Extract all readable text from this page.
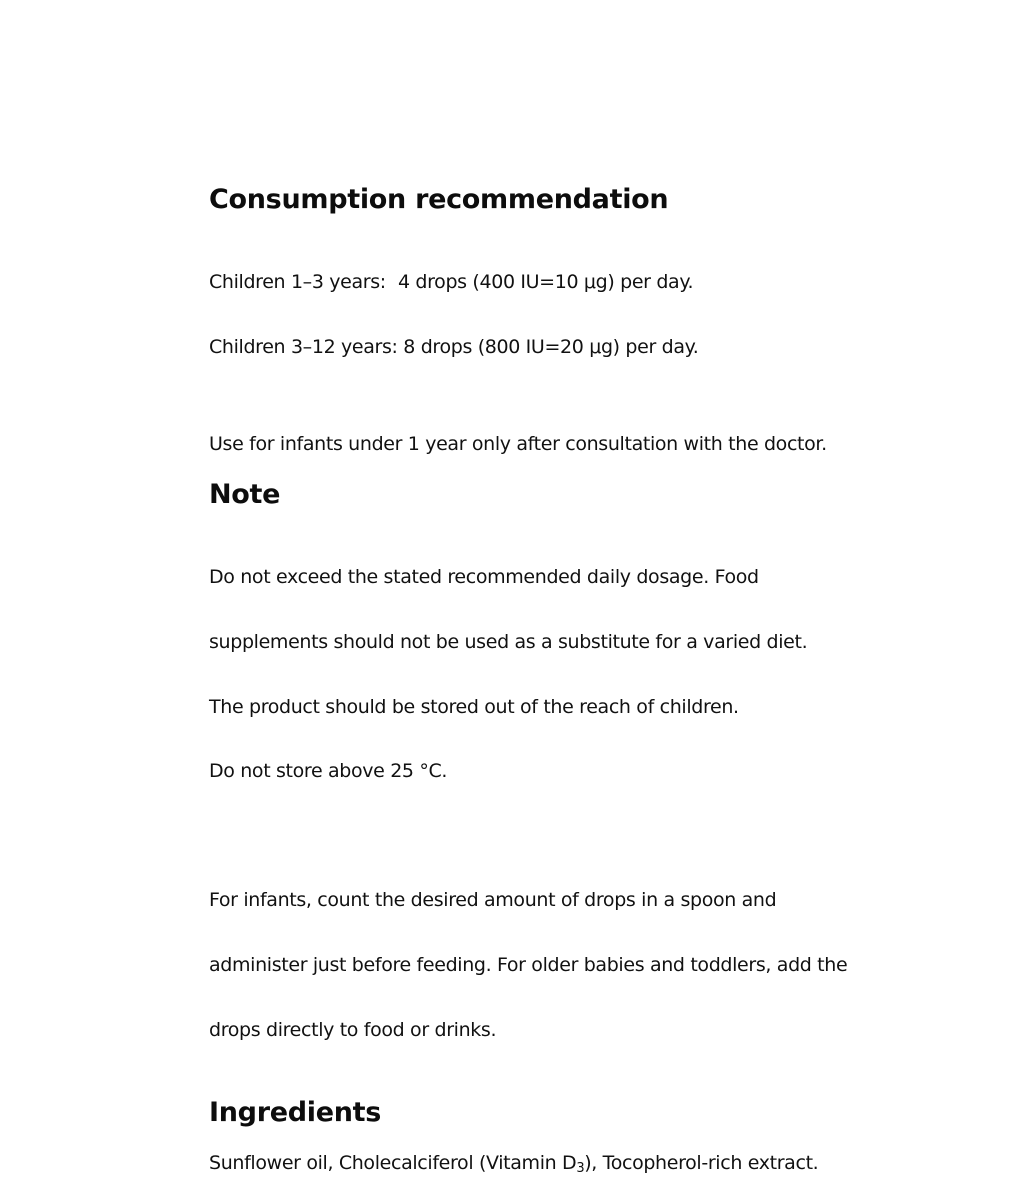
Consumption recommendation

Children 1–3 years: 4 drops (400 IU=10 μg) per day.

Children 3–12 years: 8 drops (800 IU=20 μg) per day.

Use for infants under 1 year only after consultation with the doctor.

Note

Do not exceed the stated recommended daily dosage. Food

supplements should not be used as a substitute for a varied diet.

The product should be stored out of the reach of children.

Do not store above 25 °C.

For infants, count the desired amount of drops in a spoon and

administer just before feeding. For older babies and toddlers, add the

drops directly to food or drinks.

Ingredients

Sunflower oil, Cholecalciferol (Vitamin $D_3$), Tocopherol-rich extract.
